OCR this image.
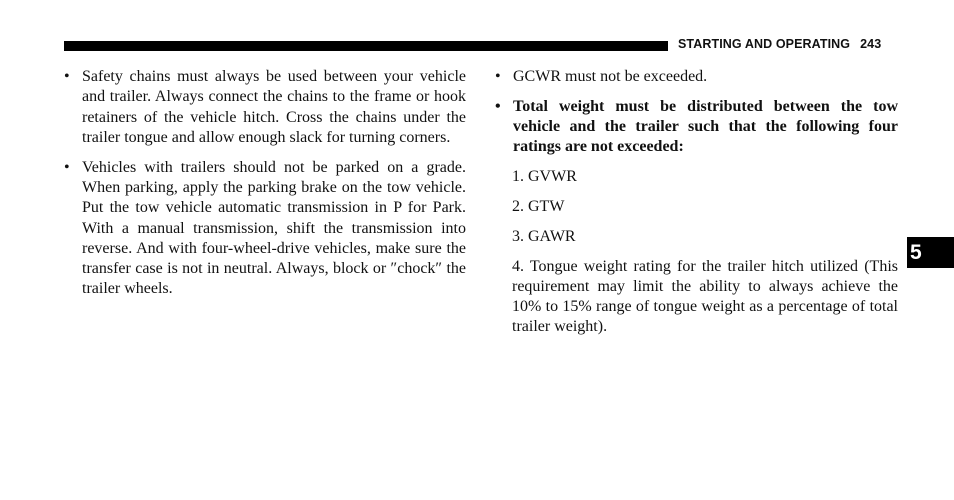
STARTING AND OPERATING 243
5

• Safety chains must always be used between your vehicle and trailer. Always connect the chains to the frame or hook retainers of the vehicle hitch. Cross the chains under the trailer tongue and allow enough slack for turning corners.

• Vehicles with trailers should not be parked on a grade. When parking, apply the parking brake on the tow vehicle. Put the tow vehicle automatic transmission in P for Park. With a manual transmission, shift the transmission into reverse. And with four-wheel-drive vehicles, make sure the transfer case is not in neutral. Always, block or ″chock″ the trailer wheels.

• GCWR must not be exceeded.

• Total weight must be distributed between the tow vehicle and the trailer such that the following four ratings are not exceeded:

1. GVWR

2. GTW

3. GAWR

4. Tongue weight rating for the trailer hitch utilized (This requirement may limit the ability to always achieve the 10% to 15% range of tongue weight as a percentage of total trailer weight).
